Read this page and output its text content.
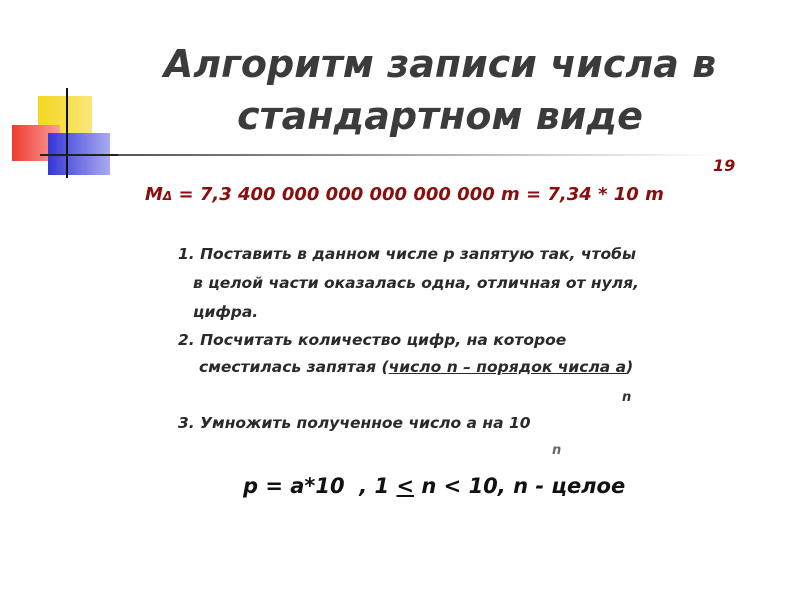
Алгоритм записи числа в
стандартном виде
19
MΔ = 7,3 400 000 000 000 000 000 m = 7,34 * 10 m
1. Поставить в данном числе p запятую так, чтобы
в целой части оказалась одна, отличная от нуля,
цифра.
2. Посчитать количество цифр, на которое
сместилась запятая (число n – порядок числа а)
n
3. Умножить полученное число а на 10
n
p = a*10  , 1 ≤ n < 10, n - целое
